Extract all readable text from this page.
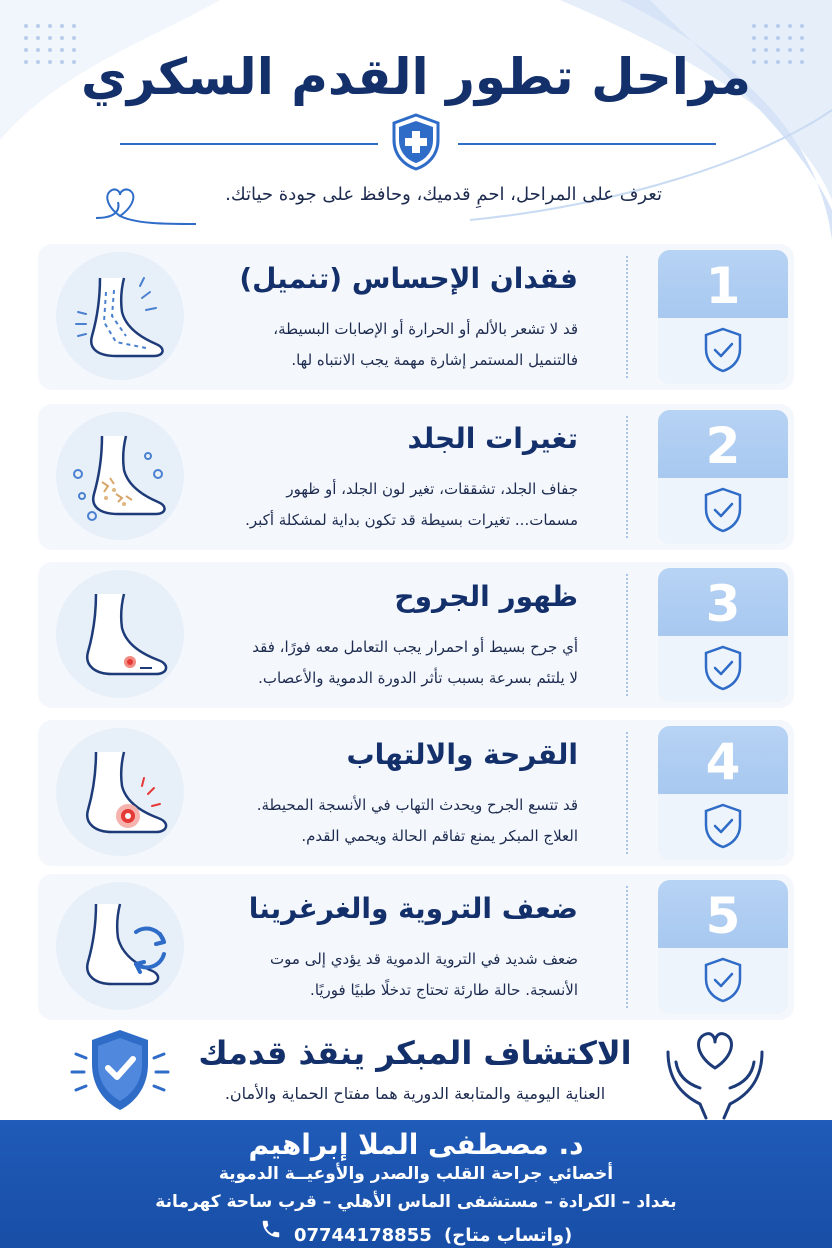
مراحل تطور القدم السكري
تعرف على المراحل، احمِ قدميك، وحافظ على جودة حياتك.
1
فقدان الإحساس (تنميل)
قد لا تشعر بالألم أو الحرارة أو الإصابات البسيطة،
فالتنميل المستمر إشارة مهمة يجب الانتباه لها.
2
تغيرات الجلد
جفاف الجلد، تشققات، تغير لون الجلد، أو ظهور
مسمات... تغيرات بسيطة قد تكون بداية لمشكلة أكبر.
3
ظهور الجروح
أي جرح بسيط أو احمرار يجب التعامل معه فورًا، فقد
لا يلتئم بسرعة بسبب تأثر الدورة الدموية والأعصاب.
4
القرحة والالتهاب
قد تتسع الجرح ويحدث التهاب في الأنسجة المحيطة.
العلاج المبكر يمنع تفاقم الحالة ويحمي القدم.
5
ضعف التروية والغرغرينا
ضعف شديد في التروية الدموية قد يؤدي إلى موت
الأنسجة. حالة طارئة تحتاج تدخلًا طبيًا فوريًا.
الاكتشاف المبكر ينقذ قدمك
العناية اليومية والمتابعة الدورية هما مفتاح الحماية والأمان.
د. مصطفى الملا إبراهيم
أخصائي جراحة القلب والصدر والأوعيــة الدموية
بغداد – الكرادة – مستشفى الماس الأهلي – قرب ساحة كهرمانة
(واتساب متاح) 07744178855
